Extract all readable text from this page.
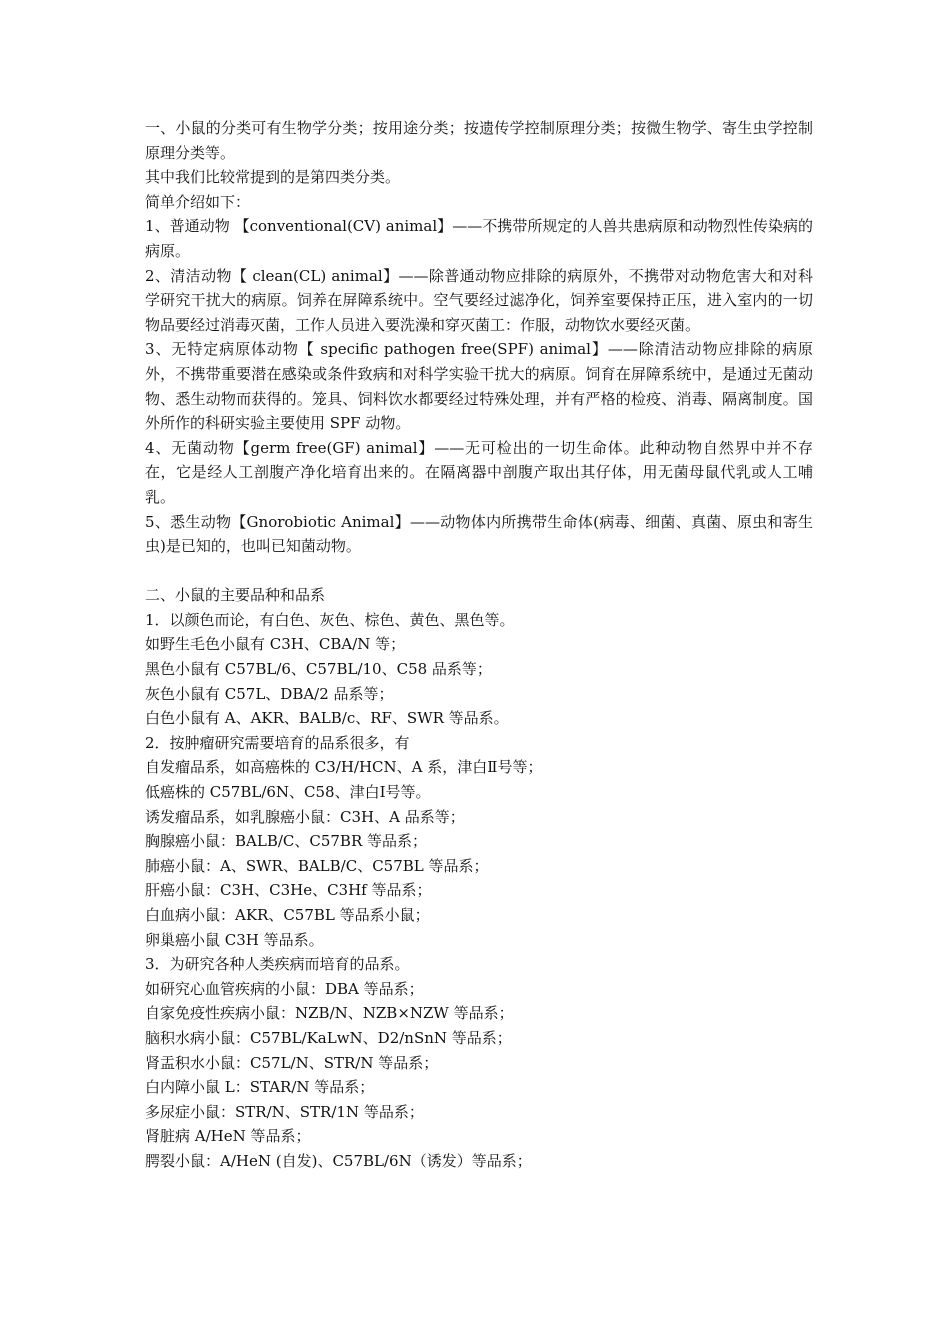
一、小鼠的分类可有生物学分类；按用途分类；按遗传学控制原理分类；按微生物学、寄生虫学控制原理分类等。

其中我们比较常提到的是第四类分类。

简单介绍如下：

1、普通动物 【conventional(CV) animal】——不携带所规定的人兽共患病原和动物烈性传染病的病原。

2、清洁动物【 clean(CL) animal】——除普通动物应排除的病原外，不携带对动物危害大和对科学研究干扰大的病原。饲养在屏障系统中。空气要经过滤净化，饲养室要保持正压，进入室内的一切物品要经过消毒灭菌，工作人员进入要洗澡和穿灭菌工：作服，动物饮水要经灭菌。

3、无特定病原体动物【 specific pathogen free(SPF) animal】——除清洁动物应排除的病原外，不携带重要潜在感染或条件致病和对科学实验干扰大的病原。饲育在屏障系统中，是通过无菌动物、悉生动物而获得的。笼具、饲料饮水都要经过特殊处理，并有严格的检疫、消毒、隔离制度。国外所作的科研实验主要使用 SPF 动物。

4、无菌动物【germ free(GF) animal】——无可检出的一切生命体。此种动物自然界中并不存在，它是经人工剖腹产净化培育出来的。在隔离器中剖腹产取出其仔体，用无菌母鼠代乳或人工哺乳。

5、悉生动物【Gnorobiotic Animal】——动物体内所携带生命体(病毒、细菌、真菌、原虫和寄生虫)是已知的，也叫已知菌动物。

二、小鼠的主要品种和品系

1．以颜色而论，有白色、灰色、棕色、黄色、黑色等。

如野生毛色小鼠有 C3H、CBA/N 等；

黑色小鼠有 C57BL/6、C57BL/10、C58 品系等；

灰色小鼠有 C57L、DBA/2 品系等；

白色小鼠有 A、AKR、BALB/c、RF、SWR 等品系。

2．按肿瘤研究需要培育的品系很多，有

自发瘤品系，如高癌株的 C3/H/HCN、A 系，津白Ⅱ号等；

低癌株的 C57BL/6N、C58、津白Ⅰ号等。

诱发瘤品系，如乳腺癌小鼠：C3H、A 品系等；

胸腺癌小鼠：BALB/C、C57BR 等品系；

肺癌小鼠：A、SWR、BALB/C、C57BL 等品系；

肝癌小鼠：C3H、C3He、C3Hf 等品系；

白血病小鼠：AKR、C57BL 等品系小鼠；

卵巢癌小鼠 C3H 等品系。

3．为研究各种人类疾病而培育的品系。

如研究心血管疾病的小鼠：DBA 等品系；

自家免疫性疾病小鼠：NZB/N、NZB×NZW 等品系；

脑积水病小鼠：C57BL/KaLwN、D2/nSnN 等品系；

肾盂积水小鼠：C57L/N、STR/N 等品系；

白内障小鼠 L：STAR/N 等品系；

多尿症小鼠：STR/N、STR/1N 等品系；

肾脏病 A/HeN 等品系；

腭裂小鼠：A/HeN (自发)、C57BL/6N（诱发）等品系；
